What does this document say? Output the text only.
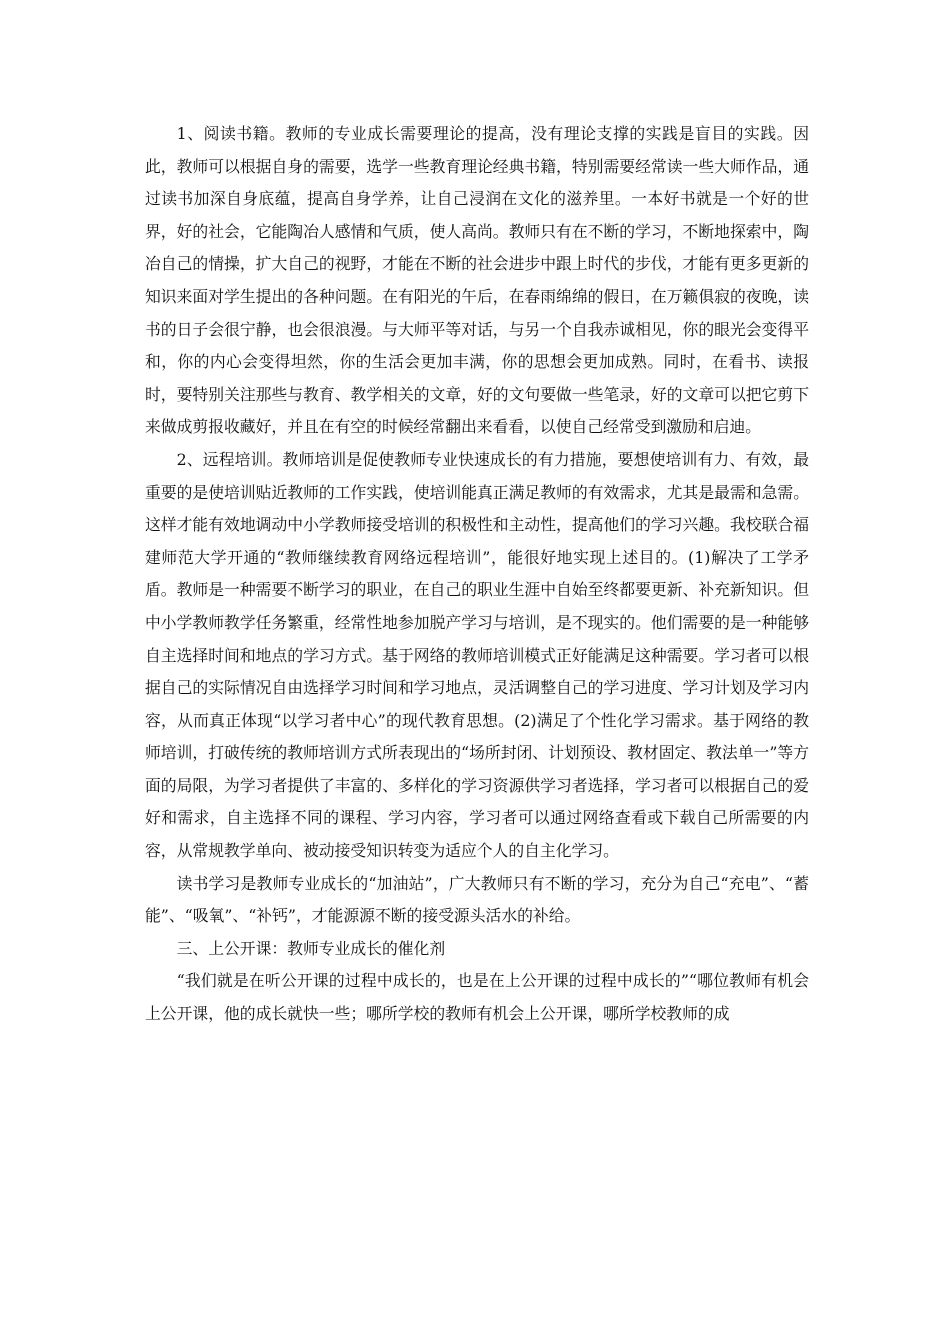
1、阅读书籍。教师的专业成长需要理论的提高，没有理论支撑的实践是盲目的实践。因此，教师可以根据自身的需要，选学一些教育理论经典书籍，特别需要经常读一些大师作品，通过读书加深自身底蕴，提高自身学养，让自己浸润在文化的滋养里。一本好书就是一个好的世界，好的社会，它能陶冶人感情和气质，使人高尚。教师只有在不断的学习，不断地探索中，陶冶自己的情操，扩大自己的视野，才能在不断的社会进步中跟上时代的步伐，才能有更多更新的知识来面对学生提出的各种问题。在有阳光的午后，在春雨绵绵的假日，在万籁俱寂的夜晚，读书的日子会很宁静，也会很浪漫。与大师平等对话，与另一个自我赤诚相见，你的眼光会变得平和，你的内心会变得坦然，你的生活会更加丰满，你的思想会更加成熟。同时，在看书、读报时，要特别关注那些与教育、教学相关的文章，好的文句要做一些笔录，好的文章可以把它剪下来做成剪报收藏好，并且在有空的时候经常翻出来看看，以使自己经常受到激励和启迪。

2、远程培训。教师培训是促使教师专业快速成长的有力措施，要想使培训有力、有效，最重要的是使培训贴近教师的工作实践，使培训能真正满足教师的有效需求，尤其是最需和急需。这样才能有效地调动中小学教师接受培训的积极性和主动性，提高他们的学习兴趣。我校联合福建师范大学开通的“教师继续教育网络远程培训”，能很好地实现上述目的。(1)解决了工学矛盾。教师是一种需要不断学习的职业，在自己的职业生涯中自始至终都要更新、补充新知识。但中小学教师教学任务繁重，经常性地参加脱产学习与培训，是不现实的。他们需要的是一种能够自主选择时间和地点的学习方式。基于网络的教师培训模式正好能满足这种需要。学习者可以根据自己的实际情况自由选择学习时间和学习地点，灵活调整自己的学习进度、学习计划及学习内容，从而真正体现“以学习者中心”的现代教育思想。(2)满足了个性化学习需求。基于网络的教师培训，打破传统的教师培训方式所表现出的“场所封闭、计划预设、教材固定、教法单一”等方面的局限，为学习者提供了丰富的、多样化的学习资源供学习者选择，学习者可以根据自己的爱好和需求，自主选择不同的课程、学习内容，学习者可以通过网络查看或下载自己所需要的内容，从常规教学单向、被动接受知识转变为适应个人的自主化学习。

读书学习是教师专业成长的“加油站”，广大教师只有不断的学习，充分为自己“充电”、“蓄能”、“吸氧”、“补钙”，才能源源不断的接受源头活水的补给。

三、上公开课：教师专业成长的催化剂

“我们就是在听公开课的过程中成长的，也是在上公开课的过程中成长的”“哪位教师有机会上公开课，他的成长就快一些；哪所学校的教师有机会上公开课，哪所学校教师的成
